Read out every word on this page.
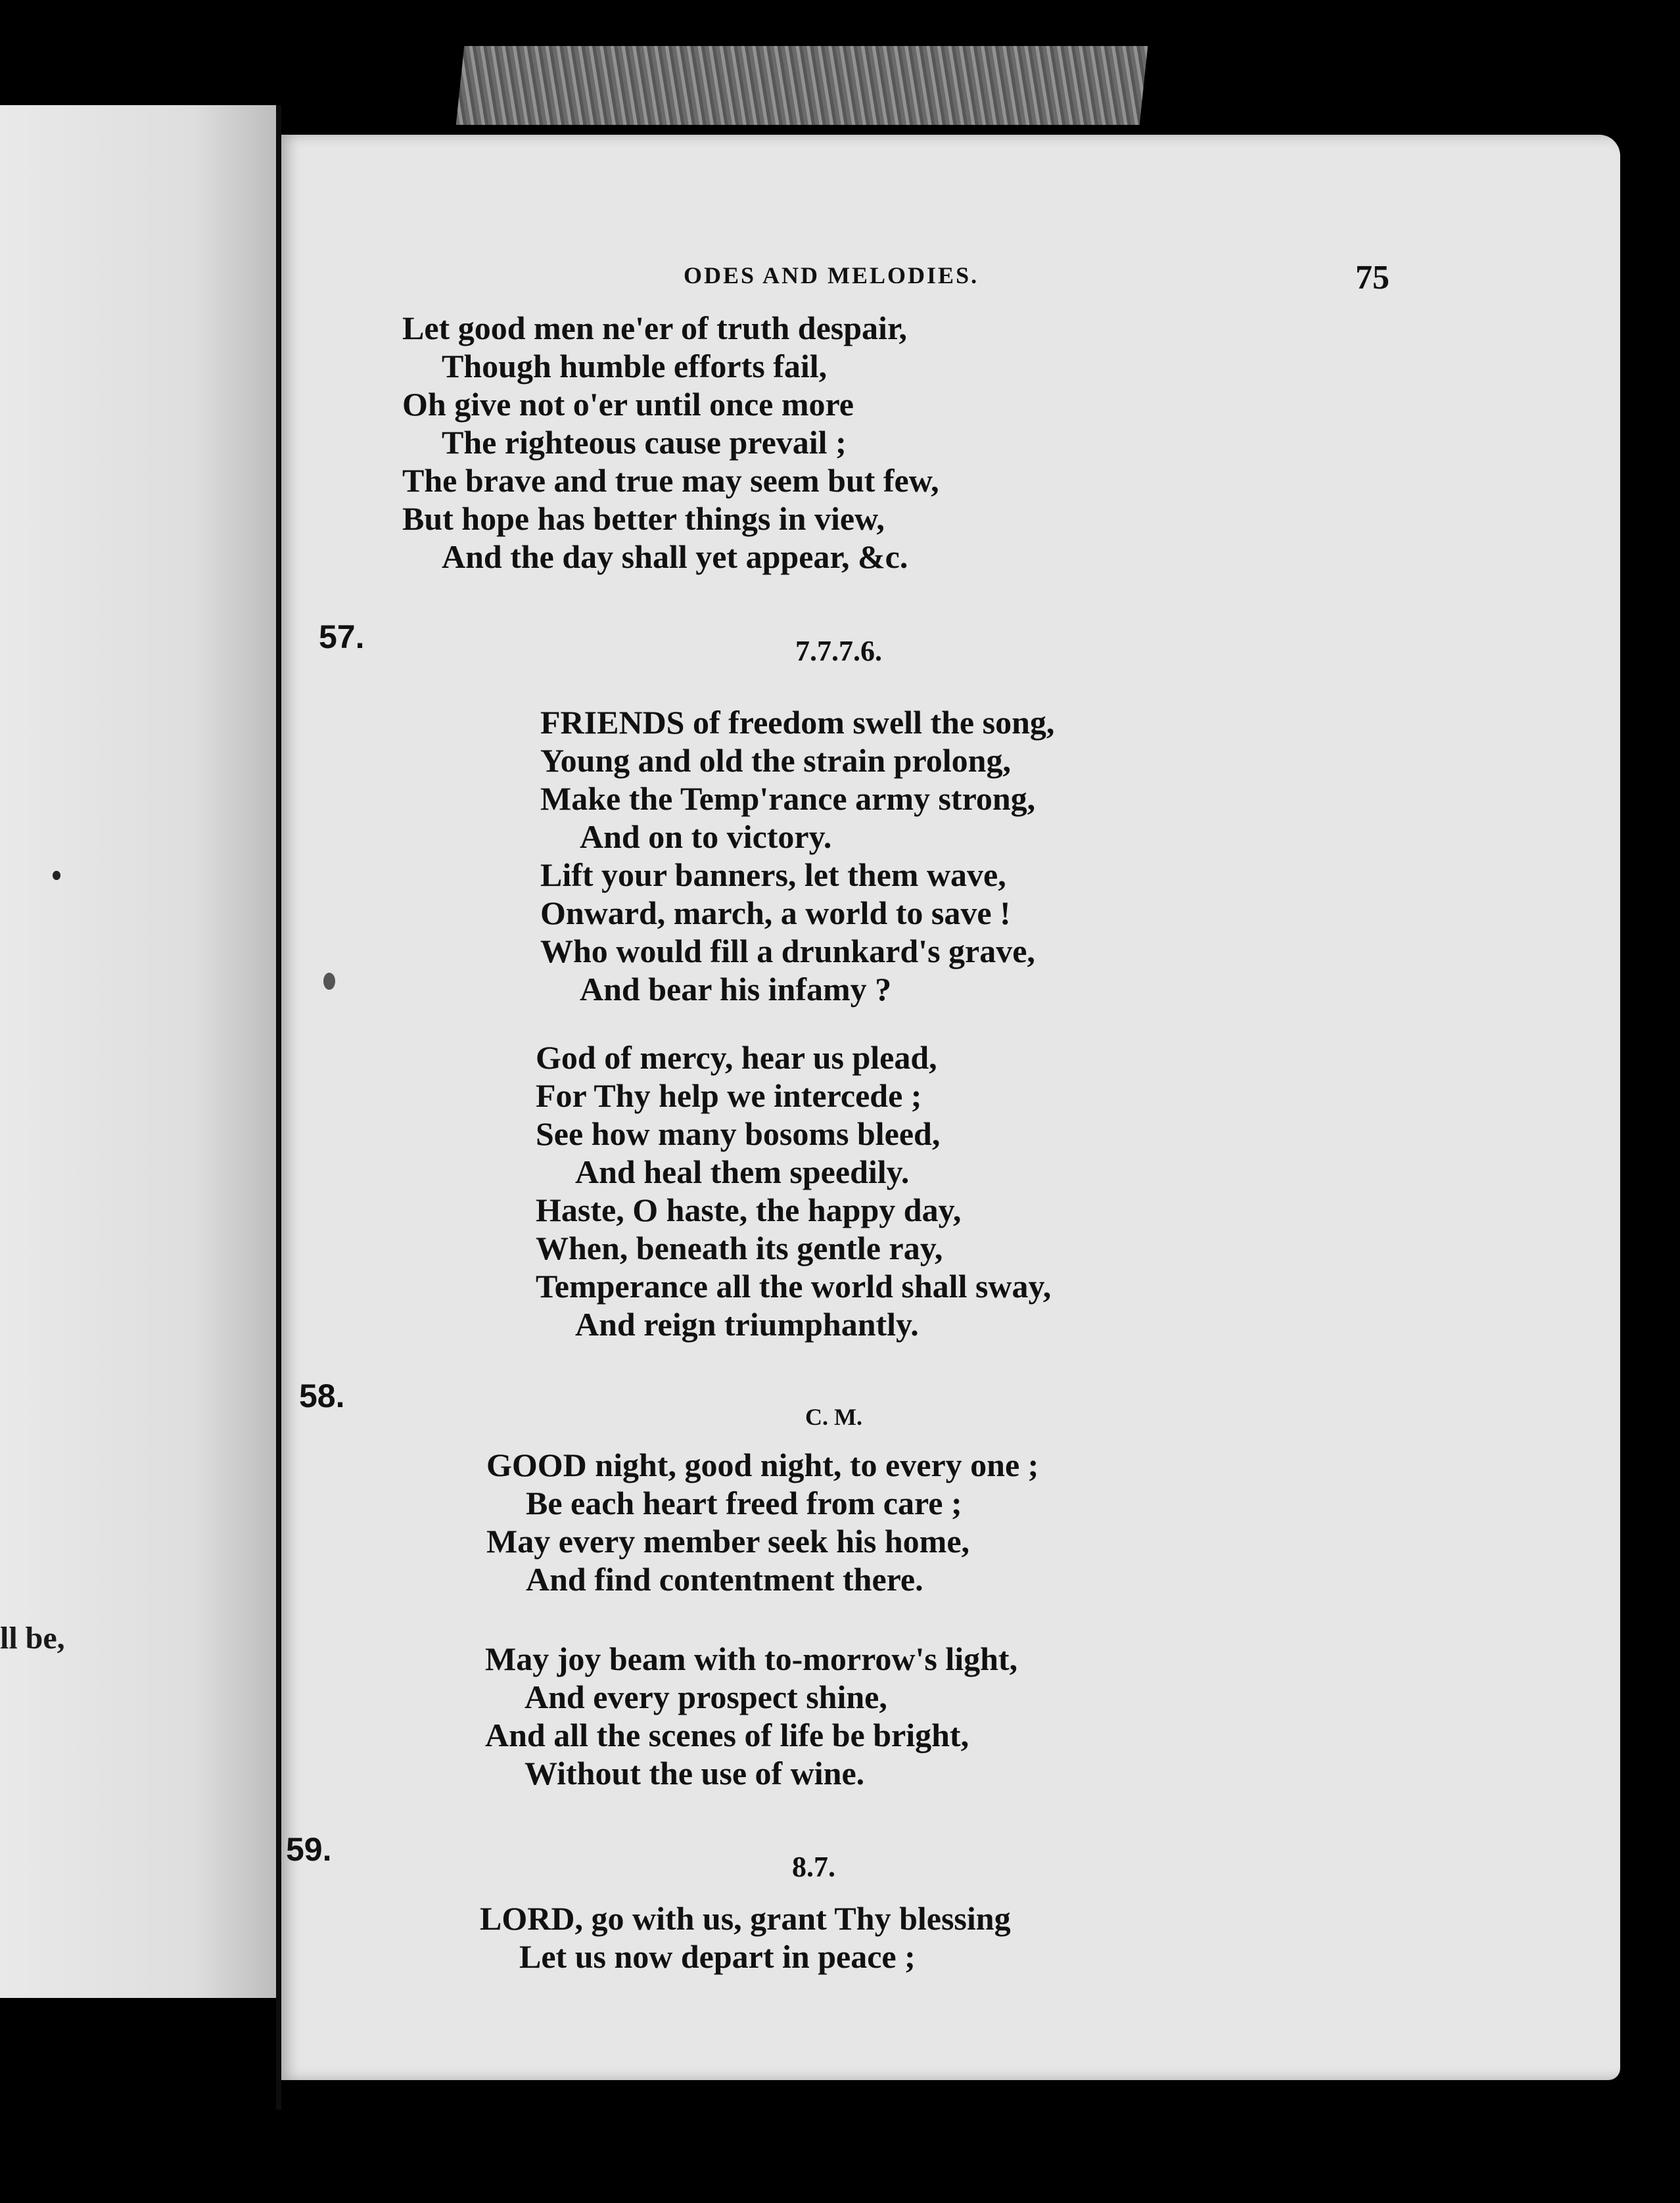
ll be,
ODES AND MELODIES.	75
Let good men ne'er of truth despair,
Though humble efforts fail,
Oh give not o'er until once more
The righteous cause prevail ;
The brave and true may seem but few,
But hope has better things in view,
And the day shall yet appear, &c.
57.	7.7.7.6.
FRIENDS of freedom swell the song,
Young and old the strain prolong,
Make the Temp'rance army strong,
And on to victory.
Lift your banners, let them wave,
Onward, march, a world to save !
Who would fill a drunkard's grave,
And bear his infamy ?
God of mercy, hear us plead,
For Thy help we intercede ;
See how many bosoms bleed,
And heal them speedily.
Haste, O haste, the happy day,
When, beneath its gentle ray,
Temperance all the world shall sway,
And reign triumphantly.
58.
C. M.
GOOD night, good night, to every one ;
Be each heart freed from care ;
May every member seek his home,
And find contentment there.
May joy beam with to-morrow's light,
And every prospect shine,
And all the scenes of life be bright,
Without the use of wine.
59.	8.7.
LORD, go with us, grant Thy blessing
Let us now depart in peace ;
